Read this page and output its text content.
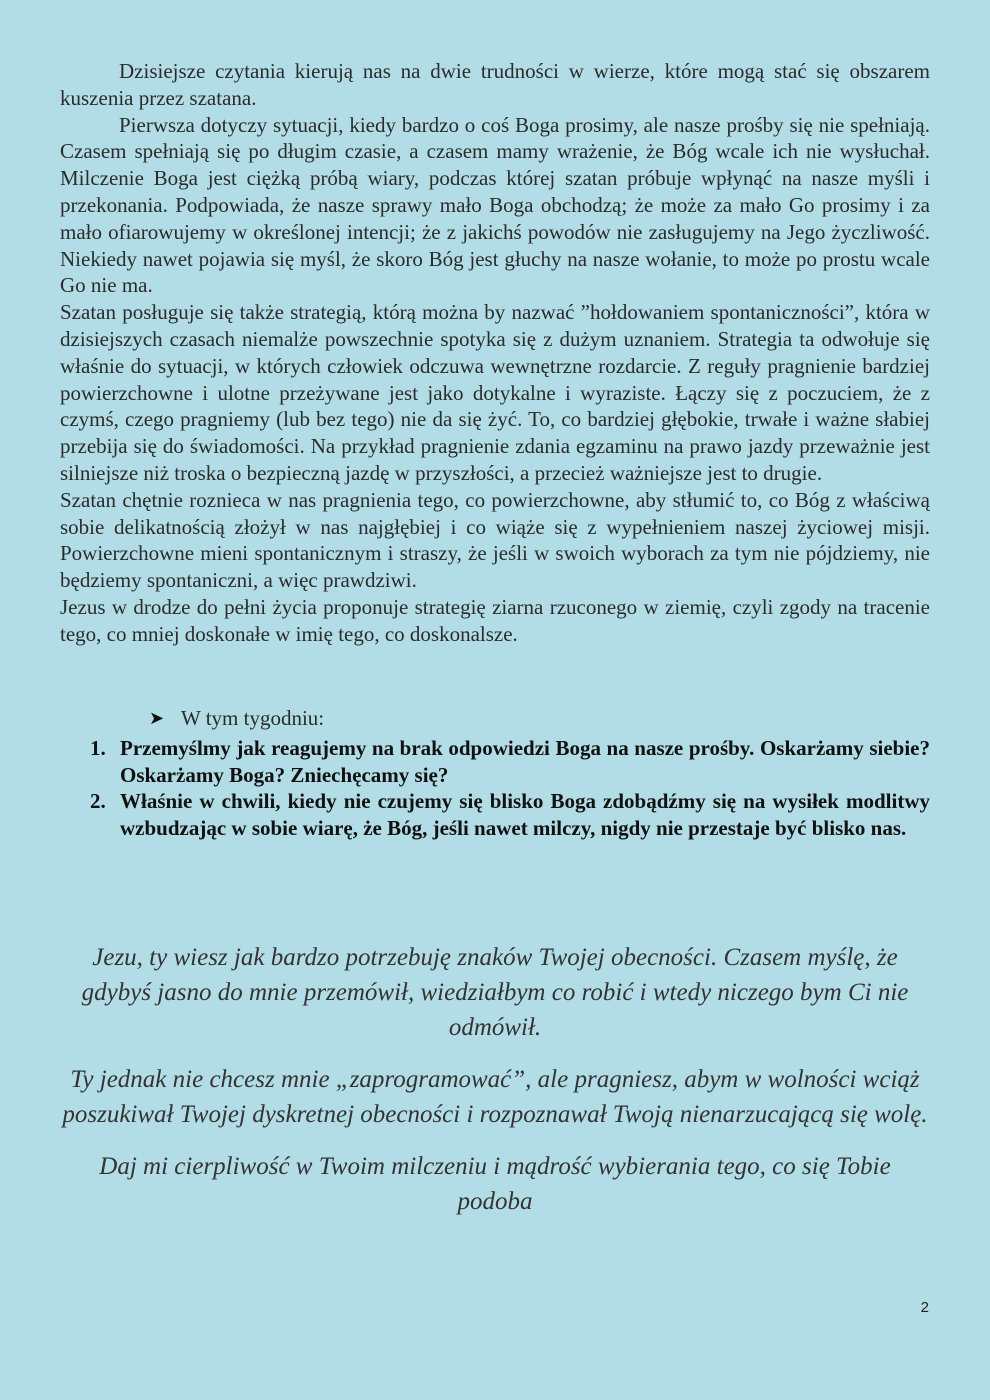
Dzisiejsze czytania kierują nas na dwie trudności w wierze, które mogą stać się obszarem kuszenia przez szatana.

Pierwsza dotyczy sytuacji, kiedy bardzo o coś Boga prosimy, ale nasze prośby się nie spełniają. Czasem spełniają się po długim czasie, a czasem mamy wrażenie, że Bóg wcale ich nie wysłuchał. Milczenie Boga jest ciężką próbą wiary, podczas której szatan próbuje wpłynąć na nasze myśli i przekonania. Podpowiada, że nasze sprawy mało Boga obchodzą; że może za mało Go prosimy i za mało ofiarowujemy w określonej intencji; że z jakichś powodów nie zasługujemy na Jego życzliwość. Niekiedy nawet pojawia się myśl, że skoro Bóg jest głuchy na nasze wołanie, to może po prostu wcale Go nie ma.

Szatan posługuje się także strategią, którą można by nazwać ”hołdowaniem spontaniczności”, która w dzisiejszych czasach niemalże powszechnie spotyka się z dużym uznaniem. Strategia ta odwołuje się właśnie do sytuacji, w których człowiek odczuwa wewnętrzne rozdarcie. Z reguły pragnienie bardziej powierzchowne i ulotne przeżywane jest jako dotykalne i wyraziste. Łączy się z poczuciem, że z czymś, czego pragniemy (lub bez tego) nie da się żyć. To, co bardziej głębokie, trwałe i ważne słabiej przebija się do świadomości. Na przykład pragnienie zdania egzaminu na prawo jazdy przeważnie jest silniejsze niż troska o bezpieczną jazdę w przyszłości, a przecież ważniejsze jest to drugie.

Szatan chętnie roznieca w nas pragnienia tego, co powierzchowne, aby stłumić to, co Bóg z właściwą sobie delikatnością złożył w nas najgłębiej i co wiąże się z wypełnieniem naszej życiowej misji. Powierzchowne mieni spontanicznym i straszy, że jeśli w swoich wyborach za tym nie pójdziemy, nie będziemy spontaniczni, a więc prawdziwi.

Jezus w drodze do pełni życia proponuje strategię ziarna rzuconego w ziemię, czyli zgody na tracenie tego, co mniej doskonałe w imię tego, co doskonalsze.

➤ W tym tygodniu:
1. Przemyślmy jak reagujemy na brak odpowiedzi Boga na nasze prośby. Oskarżamy siebie? Oskarżamy Boga? Zniechęcamy się?
2. Właśnie w chwili, kiedy nie czujemy się blisko Boga zdobądźmy się na wysiłek modlitwy wzbudzając w sobie wiarę, że Bóg, jeśli nawet milczy, nigdy nie przestaje być blisko nas.

Jezu, ty wiesz jak bardzo potrzebuję znaków Twojej obecności. Czasem myślę, że gdybyś jasno do mnie przemówił, wiedziałbym co robić i wtedy niczego bym Ci nie odmówił.

Ty jednak nie chcesz mnie „zaprogramować”, ale pragniesz, abym w wolności wciąż poszukiwał Twojej dyskretnej obecności i rozpoznawał Twoją nienarzucającą się wolę.

Daj mi cierpliwość w Twoim milczeniu i mądrość wybierania tego, co się Tobie podoba

2
